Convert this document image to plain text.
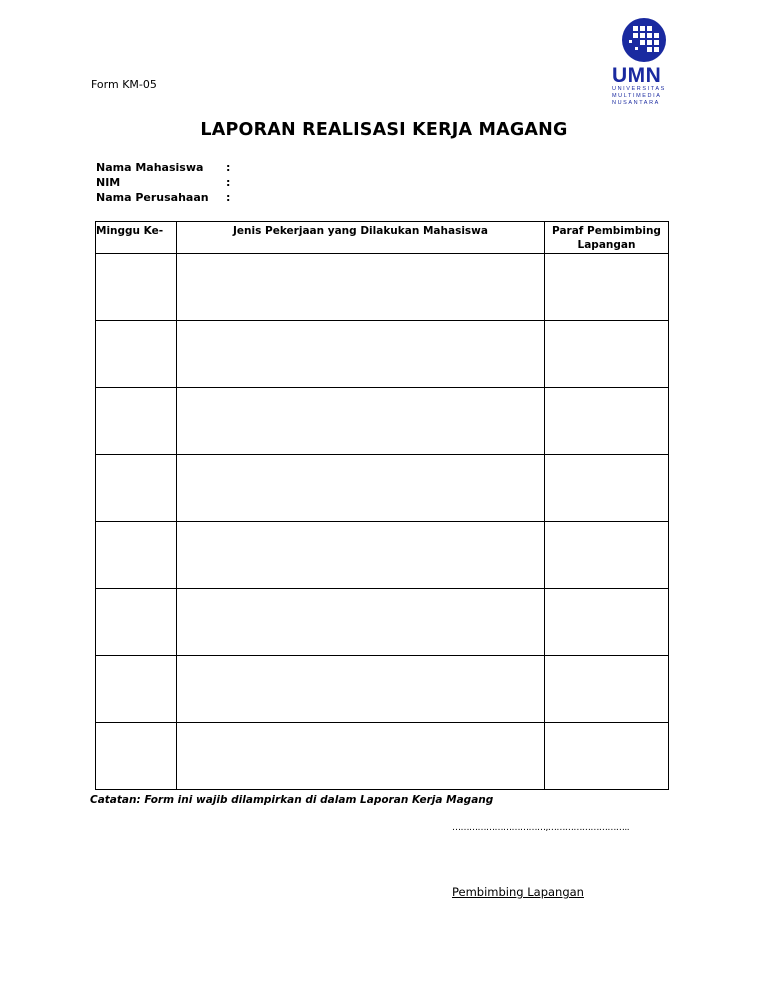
Form KM-05	UMN
UNIVERSITAS
MULTIMEDIA
NUSANTARA
LAPORAN REALISASI KERJA MAGANG
Nama Mahasiswa :
NIM	:
Nama Perusahaan :
Minggu Ke-	Jenis Pekerjaan yang Dilakukan Mahasiswa	Paraf Pembimbing Lapangan

Catatan: Form ini wajib dilampirkan di dalam Laporan Kerja Magang
……………………………,………………………..
Pembimbing Lapangan
